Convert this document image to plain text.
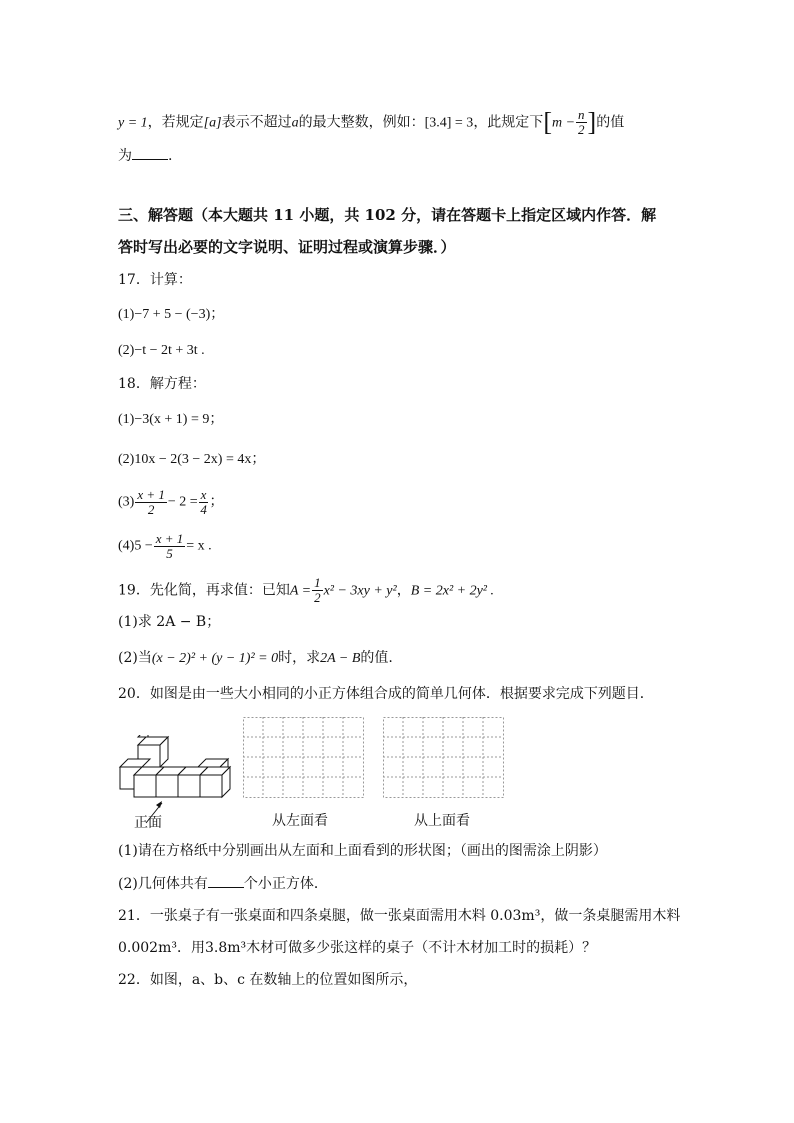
y = 1，若规定[a]表示不超过a的最大整数，例如：[3.4] = 3，此规定下[$m - \frac{n}{2}$ ]的值
为	.
三、解答题（本大题共 11 小题，共 102 分，请在答题卡上指定区域内作答．解
答时写出必要的文字说明、证明过程或演算步骤．）
17．计算：
(1)−7 + 5 − (−3)；
(2)−t − 2t + 3t .
18．解方程：
(1)−3(x + 1) = 9；
(2)10x − 2(3 − 2x) = 4x；
$(3) \frac{x + 1}{2} - 2 = \frac{x}{4}$ ；
$(4)5 - \frac{x + 1}{5} = x$ .
19．先化简，再求值：已知$A = \frac{1}{2} x^2 - 3xy + y^2$，B = 2x² + 2y² .
(1)求 2A − B；
(2)当(x − 2)² + (y − 1)² = 0时，求2A − B的值.
20．如图是由一些大小相同的小正方体组合成的简单几何体．根据要求完成下列题目．
正面	从左面看	从上面看
(1)请在方格纸中分别画出从左面和上面看到的形状图；（画出的图需涂上阴影）
(2)几何体共有	个小正方体．
21．一张桌子有一张桌面和四条桌腿，做一张桌面需用木料 0.03m³，做一条桌腿需用木料
0.002m³．用3.8m³木材可做多少张这样的桌子（不计木材加工时的损耗）？
22．如图，a、b、c 在数轴上的位置如图所示，
